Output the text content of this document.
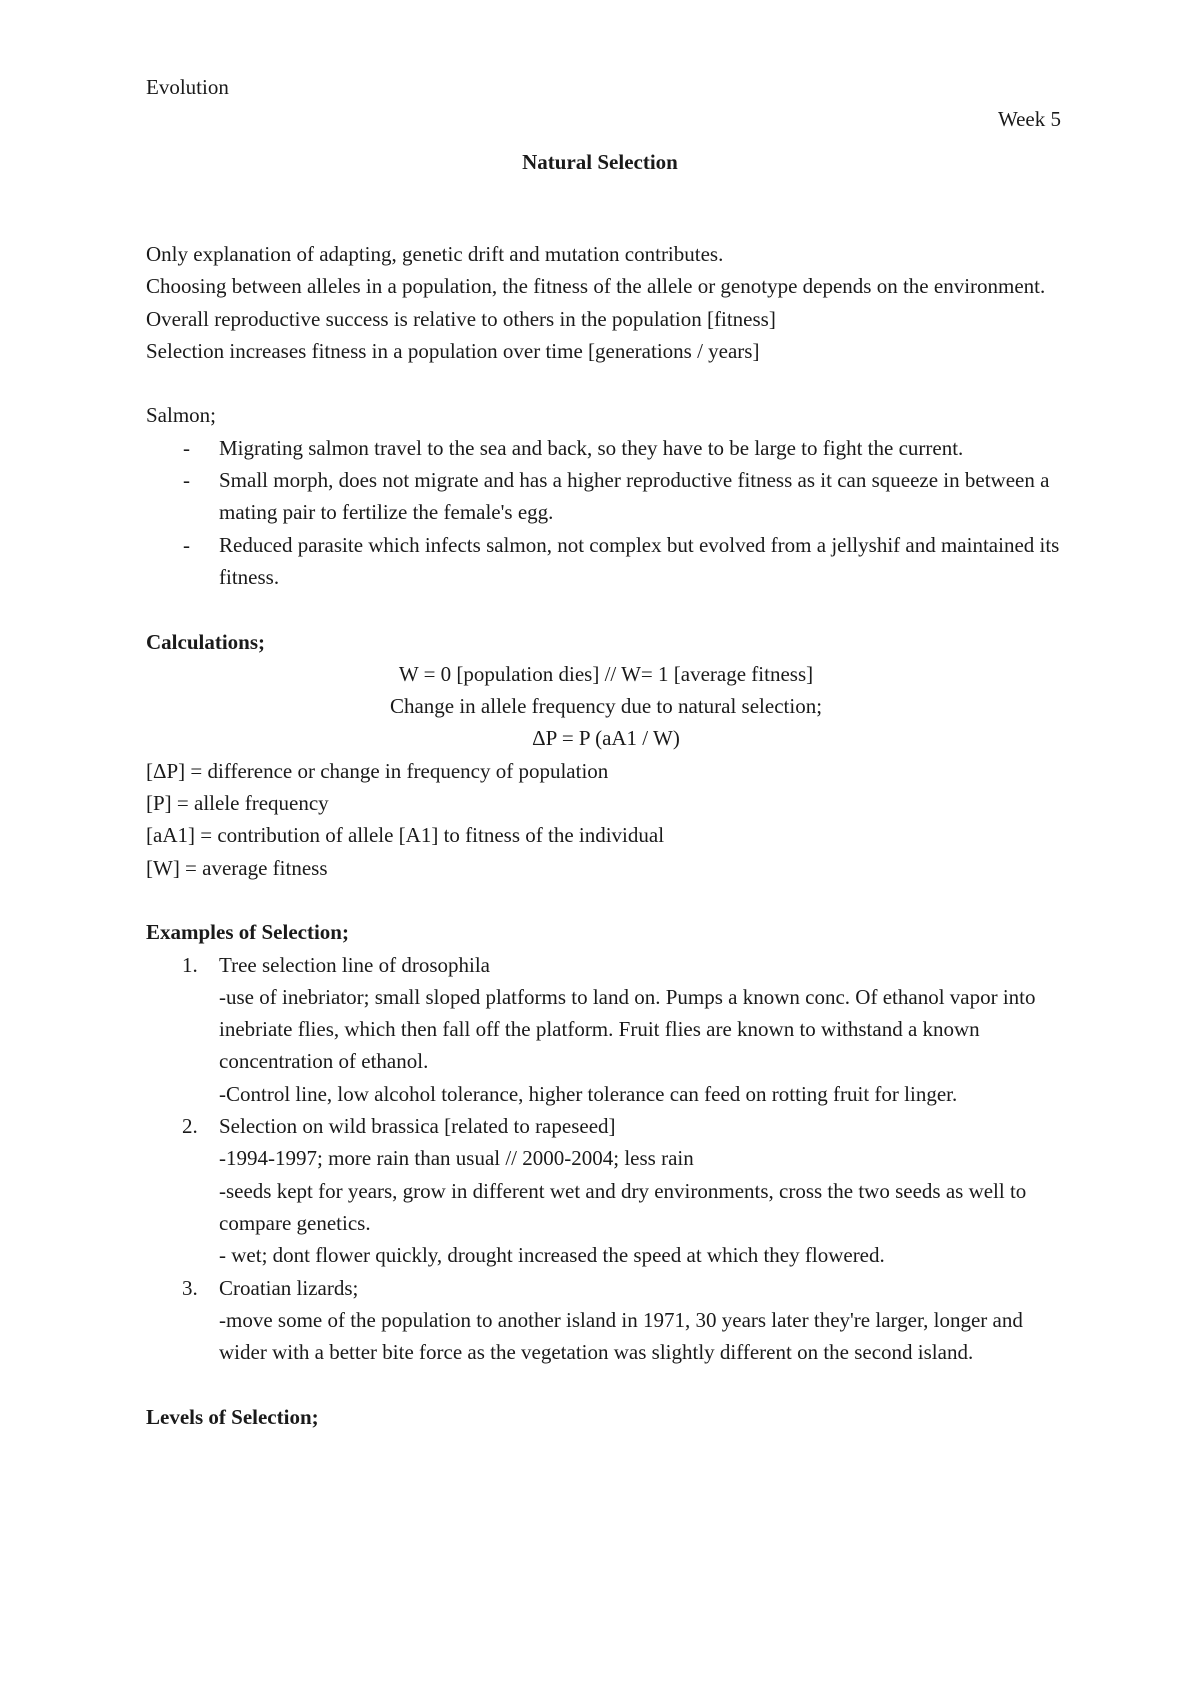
Evolution
Week 5
Natural Selection

Only explanation of adapting, genetic drift and mutation contributes.

Choosing between alleles in a population, the fitness of the allele or genotype depends on the environment.

Overall reproductive success is relative to others in the population [fitness]

Selection increases fitness in a population over time [generations / years]

Salmon;

- Migrating salmon travel to the sea and back, so they have to be large to fight the current.

- Small morph, does not migrate and has a higher reproductive fitness as it can squeeze in between a mating pair to fertilize the female's egg.

- Reduced parasite which infects salmon, not complex but evolved from a jellyshif and maintained its fitness.

Calculations;

W = 0 [population dies] // W= 1 [average fitness]

Change in allele frequency due to natural selection;

ΔP = P (aA1 / W)

[ΔP] = difference or change in frequency of population

[P] = allele frequency

[aA1] = contribution of allele [A1] to fitness of the individual

[W] = average fitness

Examples of Selection;

1. Tree selection line of drosophila
-use of inebriator; small sloped platforms to land on. Pumps a known conc. Of ethanol vapor into inebriate flies, which then fall off the platform. Fruit flies are known to withstand a known concentration of ethanol.
-Control line, low alcohol tolerance, higher tolerance can feed on rotting fruit for linger.
2. Selection on wild brassica [related to rapeseed]
-1994-1997; more rain than usual // 2000-2004; less rain
-seeds kept for years, grow in different wet and dry environments, cross the two seeds as well to compare genetics.
- wet; dont flower quickly, drought increased the speed at which they flowered.
3. Croatian lizards;
-move some of the population to another island in 1971, 30 years later they're larger, longer and wider with a better bite force as the vegetation was slightly different on the second island.

Levels of Selection;
